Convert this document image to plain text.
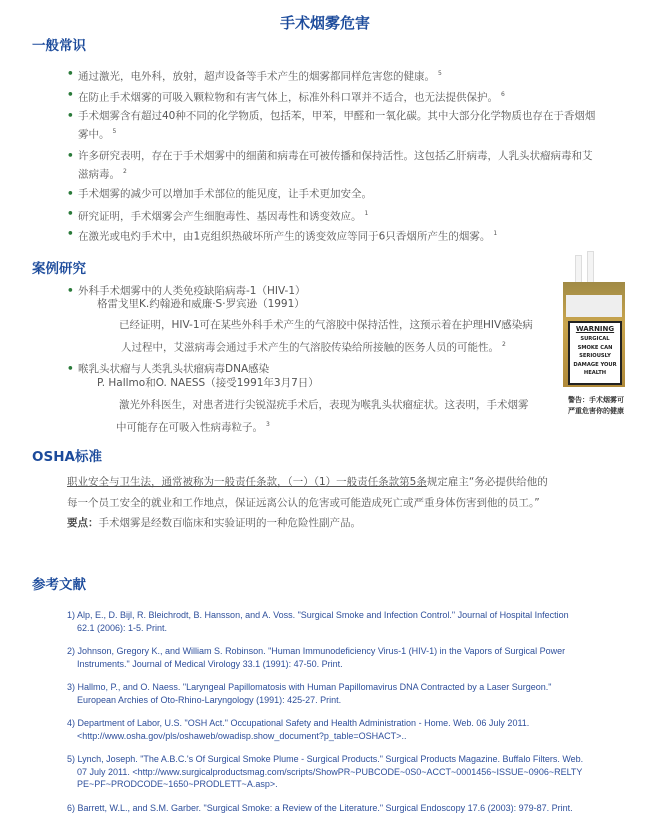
手术烟雾危害
一般常识
• 通过激光，电外科，放射，超声设备等手术产生的烟雾都同样危害您的健康。 $^5$
• 在防止手术烟雾的可吸入颗粒物和有害气体上，标准外科口罩并不适合，也无法提供保护。 $^6$
• 手术烟雾含有超过40种不同的化学物质，包括苯，甲苯，甲醛和一氧化碳。其中大部分化学物质也存在于香烟烟雾中。 $^5$
• 许多研究表明，存在于手术烟雾中的细菌和病毒在可被传播和保持活性。这包括乙肝病毒，人乳头状瘤病毒和艾滋病毒。 $^2$
• 手术烟雾的减少可以增加手术部位的能见度，让手术更加安全。
• 研究证明，手术烟雾会产生细胞毒性、基因毒性和诱变效应。 $^1$
• 在激光或电灼手术中，由1克组织热破坏所产生的诱变效应等同于6只香烟所产生的烟雾。 $^1$
案例研究
• 外科手术烟雾中的人类免疫缺陷病毒-1（HIV-1）
格雷戈里K.约翰逊和威廉·S·罗宾逊（1991）
已经证明，HIV-1可在某些外科手术产生的气溶胶中保持活性，这预示着在护理HIV感染病
人过程中，艾滋病毒会通过手术产生的气溶胶传染给所接触的医务人员的可能性。 $^2$
• 喉乳头状瘤与人类乳头状瘤病毒DNA感染
P. Hallmo和O. NAESS（接受1991年3月7日）
激光外科医生，对患者进行尖锐湿疣手术后，表现为喉乳头状瘤症状。这表明，手术烟雾
中可能存在可吸入性病毒粒子。 $^3$
WARNING
SURGICAL
SMOKE CAN
SERIOUSLY
DAMAGE YOUR
HEALTH
警告：手术烟雾可严重危害你的健康
OSHA标准
职业安全与卫生法，通常被称为一般责任条款，（一）（1）一般责任条款第5条规定雇主“务必提供给他的每一个员工安全的就业和工作地点，保证远离公认的危害或可能造成死亡或严重身体伤害到他的员工。”
要点：手术烟雾是经数百临床和实验证明的一种危险性副产品。
参考文献
1) Alp, E., D. Bijl, R. Bleichrodt, B. Hansson, and A. Voss. "Surgical Smoke and Infection Control." Journal of Hospital Infection 62.1 (2006): 1-5. Print.
2) Johnson, Gregory K., and William S. Robinson. "Human Immunodeficiency Virus-1 (HIV-1) in the Vapors of Surgical Power Instruments." Journal of Medical Virology 33.1 (1991): 47-50. Print.
3) Hallmo, P., and O. Naess. "Laryngeal Papillomatosis with Human Papillomavirus DNA Contracted by a Laser Surgeon." European Archies of Oto-Rhino-Laryngology (1991): 425-27. Print.
4) Department of Labor, U.S. "OSH Act." Occupational Safety and Health Administration - Home. Web. 06 July 2011. <http://www.osha.gov/pls/oshaweb/owadisp.show_document?p_table=OSHACT>..
5) Lynch, Joseph. "The A.B.C.'s Of Surgical Smoke Plume - Surgical Products." Surgical Products Magazine. Buffalo Filters. Web. 07 July 2011. <http://www.surgicalproductsmag.com/scripts/ShowPR~PUBCODE~0S0~ACCT~0001456~ISSUE~0906~RELTYPE~PF~PRODCODE~1650~PRODLETT~A.asp>.
6) Barrett, W.L., and S.M. Garber. "Surgical Smoke: a Review of the Literature." Surgical Endoscopy 17.6 (2003): 979-87. Print.
